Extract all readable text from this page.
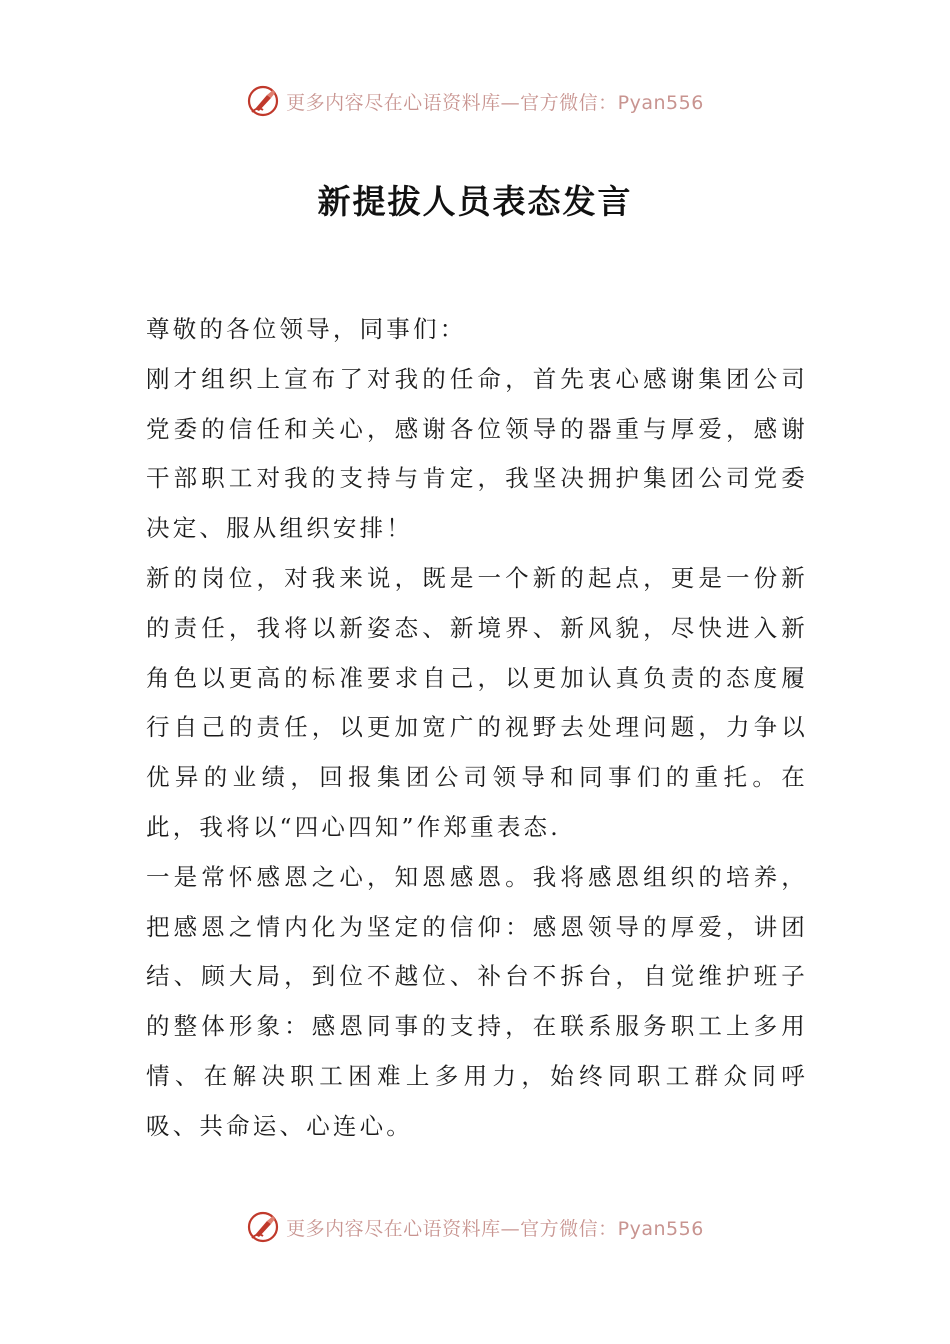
更多内容尽在心语资料库—官方微信：Pyan556
新提拔人员表态发言

尊敬的各位领导，同事们：

刚才组织上宣布了对我的任命，首先衷心感谢集团公司党委的信任和关心，感谢各位领导的器重与厚爱，感谢干部职工对我的支持与肯定，我坚决拥护集团公司党委决定、服从组织安排！

新的岗位，对我来说，既是一个新的起点，更是一份新的责任，我将以新姿态、新境界、新风貌，尽快进入新角色以更高的标准要求自己，以更加认真负责的态度履行自己的责任，以更加宽广的视野去处理问题，力争以优异的业绩，回报集团公司领导和同事们的重托。在此，我将以“四心四知”作郑重表态.

一是常怀感恩之心，知恩感恩。我将感恩组织的培养，把感恩之情内化为坚定的信仰：感恩领导的厚爱，讲团结、顾大局，到位不越位、补台不拆台，自觉维护班子的整体形象：感恩同事的支持，在联系服务职工上多用情、在解决职工困难上多用力，始终同职工群众同呼吸、共命运、心连心。

更多内容尽在心语资料库—官方微信：Pyan556
